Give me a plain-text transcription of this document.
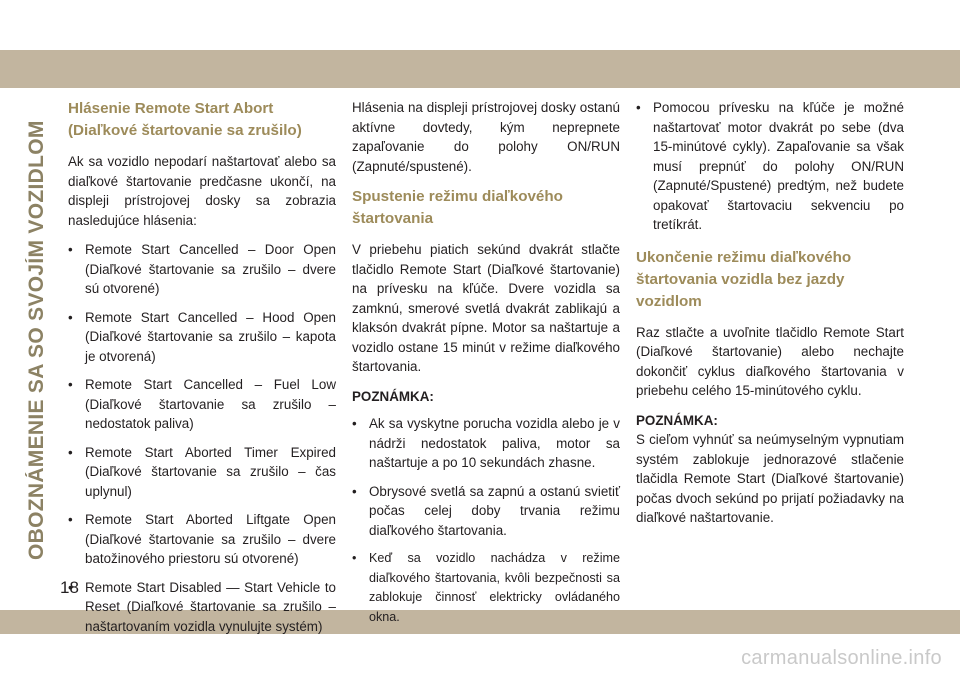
OBOZNÁMENIE SA SO SVOJÍM VOZIDLOM
Hlásenie Remote Start Abort (Diaľkové štartovanie sa zrušilo)
Ak sa vozidlo nepodarí naštartovať alebo sa diaľkové štartovanie predčasne ukončí, na displeji prístrojovej dosky sa zobrazia nasledujúce hlásenia:
• Remote Start Cancelled – Door Open (Diaľkové štartovanie sa zrušilo – dvere sú otvorené)
• Remote Start Cancelled – Hood Open (Diaľkové štartovanie sa zrušilo – kapota je otvorená)
• Remote Start Cancelled – Fuel Low (Diaľkové štartovanie sa zrušilo – nedostatok paliva)
• Remote Start Aborted Timer Expired (Diaľkové štartovanie sa zrušilo – čas uplynul)
• Remote Start Aborted Liftgate Open (Diaľkové štartovanie sa zrušilo – dvere batožinového priestoru sú otvorené)
• Remote Start Disabled — Start Vehicle to Reset (Diaľkové štartovanie sa zrušilo – naštartovaním vozidla vynulujte systém)
Hlásenia na displeji prístrojovej dosky ostanú aktívne dovtedy, kým neprepnete zapaľovanie do polohy ON/RUN (Zapnuté/spustené).
Spustenie režimu diaľkového štartovania
V priebehu piatich sekúnd dvakrát stlačte tlačidlo Remote Start (Diaľkové štartovanie) na prívesku na kľúče. Dvere vozidla sa zamknú, smerové svetlá dvakrát zablikajú a klaksón dvakrát pípne. Motor sa naštartuje a vozidlo ostane 15 minút v režime diaľkového štartovania.
POZNÁMKA:
• Ak sa vyskytne porucha vozidla alebo je v nádrži nedostatok paliva, motor sa naštartuje a po 10 sekundách zhasne.
• Obrysové svetlá sa zapnú a ostanú svietiť počas celej doby trvania režimu diaľkového štartovania.
• Keď sa vozidlo nachádza v režime diaľkového štartovania, kvôli bezpečnosti sa zablokuje činnosť elektricky ovládaného okna.
• Pomocou prívesku na kľúče je možné naštartovať motor dvakrát po sebe (dva 15-minútové cykly). Zapaľovanie sa však musí prepnúť do polohy ON/RUN (Zapnuté/Spustené) predtým, než budete opakovať štartovaciu sekvenciu po tretíkrát.
Ukončenie režimu diaľkového štartovania vozidla bez jazdy vozidlom
Raz stlačte a uvoľnite tlačidlo Remote Start (Diaľkové štartovanie) alebo nechajte dokončiť cyklus diaľkového štartovania v priebehu celého 15-minútového cyklu.
POZNÁMKA:
S cieľom vyhnúť sa neúmyselným vypnutiam systém zablokuje jednorazové stlačenie tlačidla Remote Start (Diaľkové štartovanie) počas dvoch sekúnd po prijatí požiadavky na diaľkové naštartovanie.
18
carmanualsonline.info
